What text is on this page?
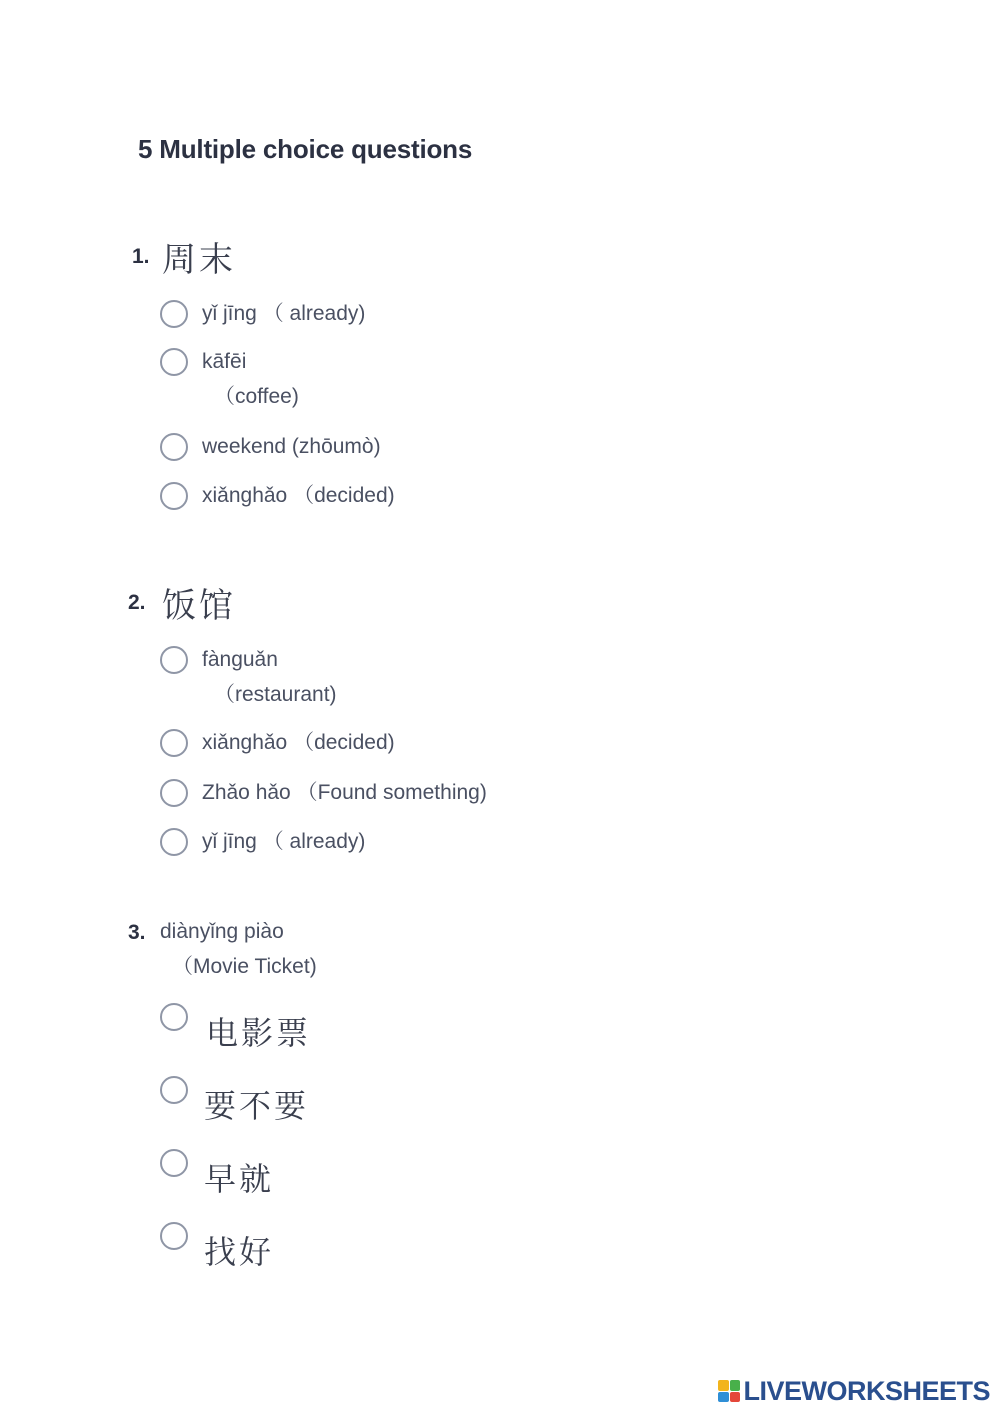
5 Multiple choice questions
1. 周末
yǐ jīng （ already)
kāfēi
（coffee)
weekend (zhōumò)
xiǎnghǎo （decided)
2. 饭馆
fànguǎn
（restaurant)
xiǎnghǎo （decided)
Zhǎo hǎo （Found something)
yǐ jīng （ already)
3. diànyǐng piào
（Movie Ticket)
电影票
要不要
早就
找好
LIVEWORKSHEETS
